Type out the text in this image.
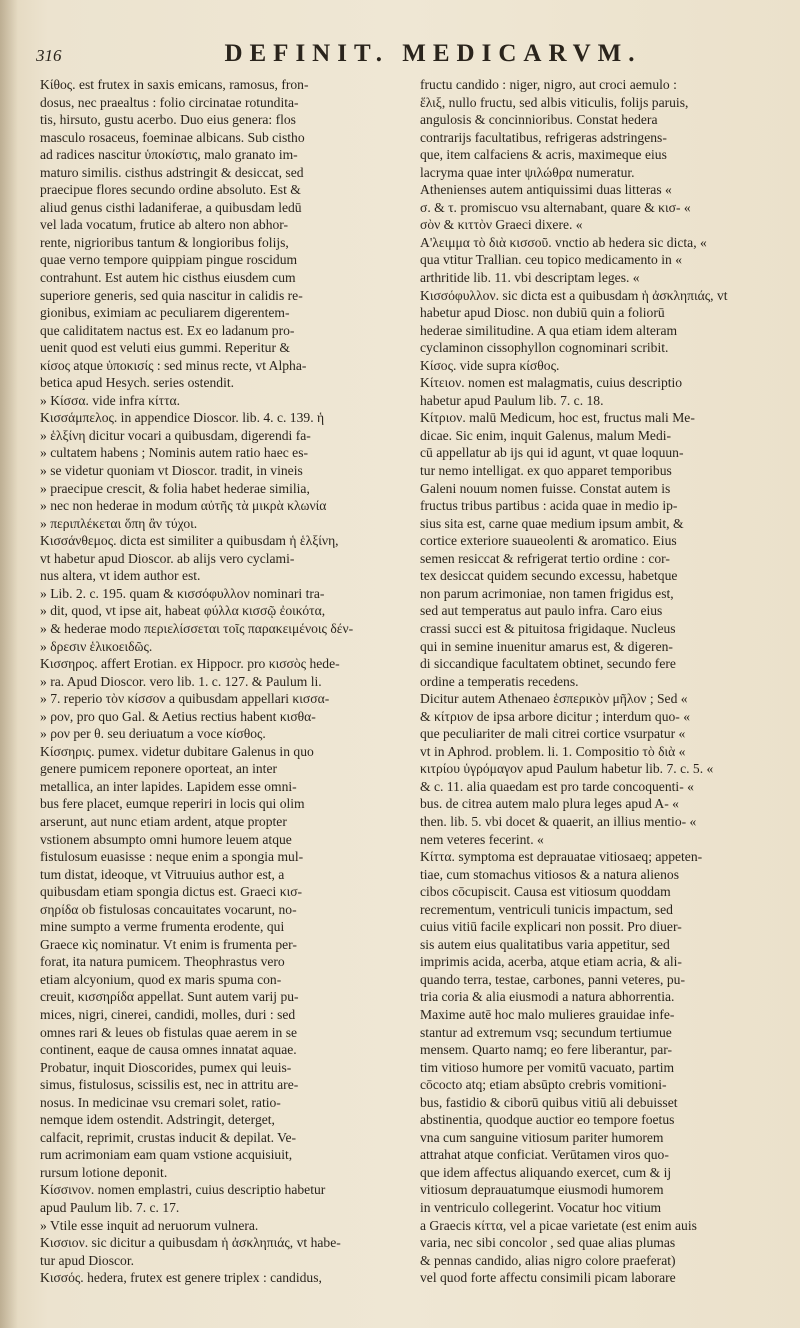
316	DEFINIT. MEDICARVM.
Κίθος. est frutex in saxis emicans, ramosus, fron-
dosus, nec praealtus : folio circinatae rotundita-
tis, hirsuto, gustu acerbo. Duo eius genera: flos
masculo rosaceus, foeminae albicans. Sub cistho
ad radices nascitur ὑποκίστις, malo granato im-
maturo similis. cisthus adstringit & desiccat, sed
praecipue flores secundo ordine absoluto. Est &
aliud genus cisthi ladaniferae, a quibusdam ledū
vel lada vocatum, frutice ab altero non abhor-
rente, nigrioribus tantum & longioribus folijs,
quae verno tempore quippiam pingue roscidum
contrahunt. Est autem hic cisthus eiusdem cum
superiore generis, sed quia nascitur in calidis re-
gionibus, eximiam ac peculiarem digerentem-
que caliditatem nactus est. Ex eo ladanum pro-
uenit quod est veluti eius gummi. Reperitur &
κίσος atque ὑποκισίς : sed minus recte, vt Alpha-
betica apud Hesych. series ostendit.
» Κίσσα. vide infra κίττα.
Κισσάμπελος. in appendice Dioscor. lib. 4. c. 139. ἡ
» ἑλξίνη dicitur vocari a quibusdam, digerendi fa-
» cultatem habens ; Nominis autem ratio haec es-
» se videtur quoniam vt Dioscor. tradit, in vineis
» praecipue crescit, & folia habet hederae similia,
» nec non hederae in modum αὐτῆς τὰ μικρὰ κλωνία
» περιπλέκεται ὅπη ἂν τύχοι.
Κισσάνθεμος. dicta est similiter a quibusdam ἡ ἑλξίνη,
vt habetur apud Dioscor. ab alijs vero cyclami-
nus altera, vt idem author est.
» Lib. 2. c. 195. quam & κισσόφυλλον nominari tra-
» dit, quod, vt ipse ait, habeat φύλλα κισσῷ ἐοικότα,
» & hederae modo περιελίσσεται τοῖς παρακειμένοις δέν-
» δρεσιν ἑλικοειδῶς.
Κισσηρος. affert Erotian. ex Hippocr. pro κισσὸς hede-
» ra. Apud Dioscor. vero lib. 1. c. 127. & Paulum li.
» 7. reperio τὸν κίσσον a quibusdam appellari κισσα-
» ρον, pro quo Gal. & Aetius rectius habent κισθα-
» ρον per θ. seu deriuatum a voce κίσθος.
Κίσσηρις. pumex. videtur dubitare Galenus in quo
genere pumicem reponere oporteat, an inter
metallica, an inter lapides. Lapidem esse omni-
bus fere placet, eumque reperiri in locis qui olim
arserunt, aut nunc etiam ardent, atque propter
vstionem absumpto omni humore leuem atque
fistulosum euasisse : neque enim a spongia mul-
tum distat, ideoque, vt Vitruuius author est, a
quibusdam etiam spongia dictus est. Graeci κισ-
σηρίδα ob fistulosas concauitates vocarunt, no-
mine sumpto a verme frumenta erodente, qui
Graece κὶς nominatur. Vt enim is frumenta per-
forat, ita natura pumicem. Theophrastus vero
etiam alcyonium, quod ex maris spuma con-
creuit, κισσηρίδα appellat. Sunt autem varij pu-
mices, nigri, cinerei, candidi, molles, duri : sed
omnes rari & leues ob fistulas quae aerem in se
continent, eaque de causa omnes innatat aquae.
Probatur, inquit Dioscorides, pumex qui leuis-
simus, fistulosus, scissilis est, nec in attritu are-
nosus. In medicinae vsu cremari solet, ratio-
nemque idem ostendit. Adstringit, deterget,
calfacit, reprimit, crustas inducit & depilat. Ve-
rum acrimoniam eam quam vstione acquisiuit,
rursum lotione deponit.
Κίσσινον. nomen emplastri, cuius descriptio habetur
apud Paulum lib. 7. c. 17.
» Vtile esse inquit ad neruorum vulnera.
Κισσιον. sic dicitur a quibusdam ἡ ἀσκληπιάς, vt habe-
tur apud Dioscor.
Κισσός. hedera, frutex est genere triplex : candidus,
fructu candido : niger, nigro, aut croci aemulo :
ἕλιξ, nullo fructu, sed albis viticulis, folijs paruis,
angulosis & concinnioribus. Constat hedera
contrarijs facultatibus, refrigeras adstringens-
que, item calfaciens & acris, maximeque eius
lacryma quae inter ψιλώθρα numeratur.
Athenienses autem antiquissimi duas litteras «
σ. & τ. promiscuo vsu alternabant, quare & κισ- «
σὸν & κιττὸν Graeci dixere. «
Α'λειμμα τὸ διὰ κισσοῦ. vnctio ab hedera sic dicta, «
qua vtitur Trallian. ceu topico medicamento in «
arthritide lib. 11. vbi descriptam leges. «
Κισσόφυλλον. sic dicta est a quibusdam ἡ ἀσκληπιάς, vt
habetur apud Diosc. non dubiū quin a foliorū
hederae similitudine. A qua etiam idem alteram
cyclaminon cissophyllon cognominari scribit.
Κίσος. vide supra κίσθος.
Κίτειον. nomen est malagmatis, cuius descriptio
habetur apud Paulum lib. 7. c. 18.
Κίτριον. malū Medicum, hoc est, fructus mali Me-
dicae. Sic enim, inquit Galenus, malum Medi-
cū appellatur ab ijs qui id agunt, vt quae loquun-
tur nemo intelligat. ex quo apparet temporibus
Galeni nouum nomen fuisse. Constat autem is
fructus tribus partibus : acida quae in medio ip-
sius sita est, carne quae medium ipsum ambit, &
cortice exteriore suaueolenti & aromatico. Eius
semen resiccat & refrigerat tertio ordine : cor-
tex desiccat quidem secundo excessu, habetque
non parum acrimoniae, non tamen frigidus est,
sed aut temperatus aut paulo infra. Caro eius
crassi succi est & pituitosa frigidaque. Nucleus
qui in semine inuenitur amarus est, & digeren-
di siccandique facultatem obtinet, secundo fere
ordine a temperatis recedens.
Dicitur autem Athenaeo ἑσπερικὸν μῆλον ; Sed «
& κίτριον de ipsa arbore dicitur ; interdum quo- «
que peculiariter de mali citrei cortice vsurpatur «
vt in Aphrod. problem. li. 1. Compositio τὸ διὰ «
κιτρίου ὑγρόμαγον apud Paulum habetur lib. 7. c. 5. «
& c. 11. alia quaedam est pro tarde concoquenti- «
bus. de citrea autem malo plura leges apud A- «
then. lib. 5. vbi docet & quaerit, an illius mentio- «
nem veteres fecerint. «
Κίττα. symptoma est deprauatae vitiosaeq; appeten-
tiae, cum stomachus vitiosos & a natura alienos
cibos cōcupiscit. Causa est vitiosum quoddam
recrementum, ventriculi tunicis impactum, sed
cuius vitiū facile explicari non possit. Pro diuer-
sis autem eius qualitatibus varia appetitur, sed
imprimis acida, acerba, atque etiam acria, & ali-
quando terra, testae, carbones, panni veteres, pu-
tria coria & alia eiusmodi a natura abhorrentia.
Maxime autē hoc malo mulieres grauidae infe-
stantur ad extremum vsq; secundum tertiumue
mensem. Quarto namq; eo fere liberantur, par-
tim vitioso humore per vomitū vacuato, partim
cōcocto atq; etiam absūpto crebris vomitioni-
bus, fastidio & ciborū quibus vitiū ali debuisset
abstinentia, quodque auctior eo tempore foetus
vna cum sanguine vitiosum pariter humorem
attrahat atque conficiat. Verūtamen viros quo-
que idem affectus aliquando exercet, cum & ij
vitiosum deprauatumque eiusmodi humorem
in ventriculo collegerint. Vocatur hoc vitium
a Graecis κίττα, vel a picae varietate (est enim auis
varia, nec sibi concolor , sed quae alias plumas
& pennas candido, alias nigro colore praeferat)
vel quod forte affectu consimili picam laborare
